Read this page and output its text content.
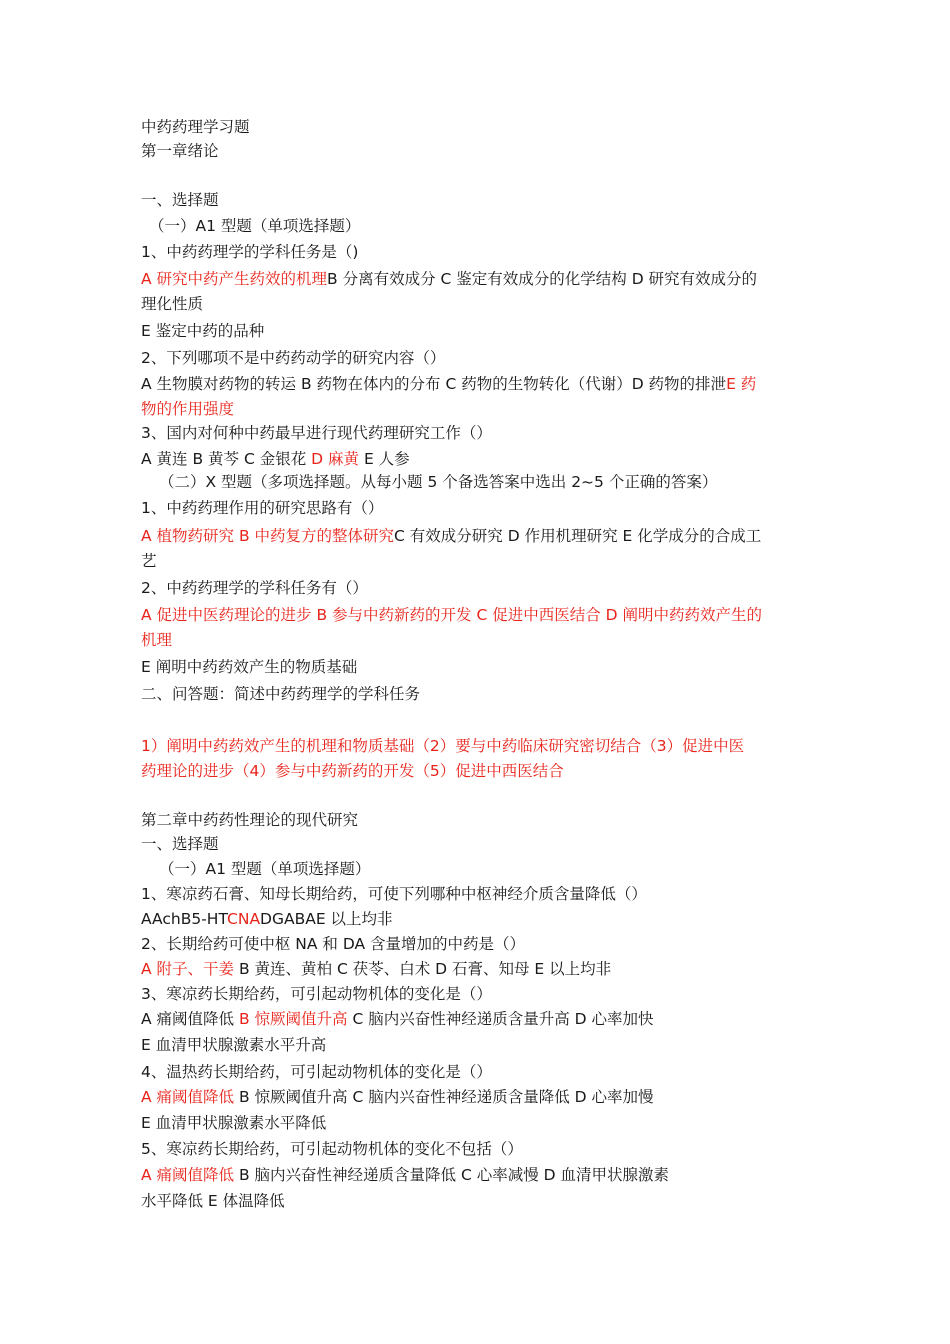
中药药理学习题
第一章绪论
一、选择题
（一）A1 型题（单项选择题）
1、中药药理学的学科任务是（)
A 研究中药产生药效的机理B 分离有效成分 C 鉴定有效成分的化学结构 D 研究有效成分的
理化性质
E 鉴定中药的品种
2、下列哪项不是中药药动学的研究内容（）
A 生物膜对药物的转运 B 药物在体内的分布 C 药物的生物转化（代谢）D 药物的排泄E 药
物的作用强度
3、国内对何种中药最早进行现代药理研究工作（）
A 黄连 B 黄芩 C 金银花 D 麻黄 E 人参
（二）X 型题（多项选择题。从每小题 5 个备选答案中选出 2~5 个正确的答案）
1、中药药理作用的研究思路有（）
A 植物药研究 B 中药复方的整体研究C 有效成分研究 D 作用机理研究 E 化学成分的合成工
艺
2、中药药理学的学科任务有（）
A 促进中医药理论的进步 B 参与中药新药的开发 C 促进中西医结合 D 阐明中药药效产生的
机理
E 阐明中药药效产生的物质基础
二、问答题：简述中药药理学的学科任务
1）阐明中药药效产生的机理和物质基础（2）要与中药临床研究密切结合（3）促进中医
药理论的进步（4）参与中药新药的开发（5）促进中西医结合
第二章中药药性理论的现代研究
一、选择题
（一）A1 型题（单项选择题）
1、寒凉药石膏、知母长期给药，可使下列哪种中枢神经介质含量降低（）
AAchB5-HTCNADGABAE 以上均非
2、长期给药可使中枢 NA 和 DA 含量增加的中药是（）
A 附子、干姜 B 黄连、黄柏 C 茯苓、白术 D 石膏、知母 E 以上均非
3、寒凉药长期给药，可引起动物机体的变化是（）
A 痛阈值降低 B 惊厥阈值升高 C 脑内兴奋性神经递质含量升高 D 心率加快
E 血清甲状腺激素水平升高
4、温热药长期给药，可引起动物机体的变化是（）
A 痛阈值降低 B 惊厥阈值升高 C 脑内兴奋性神经递质含量降低 D 心率加慢
E 血清甲状腺激素水平降低
5、寒凉药长期给药，可引起动物机体的变化不包括（）
A 痛阈值降低 B 脑内兴奋性神经递质含量降低 C 心率减慢 D 血清甲状腺激素
水平降低 E 体温降低
